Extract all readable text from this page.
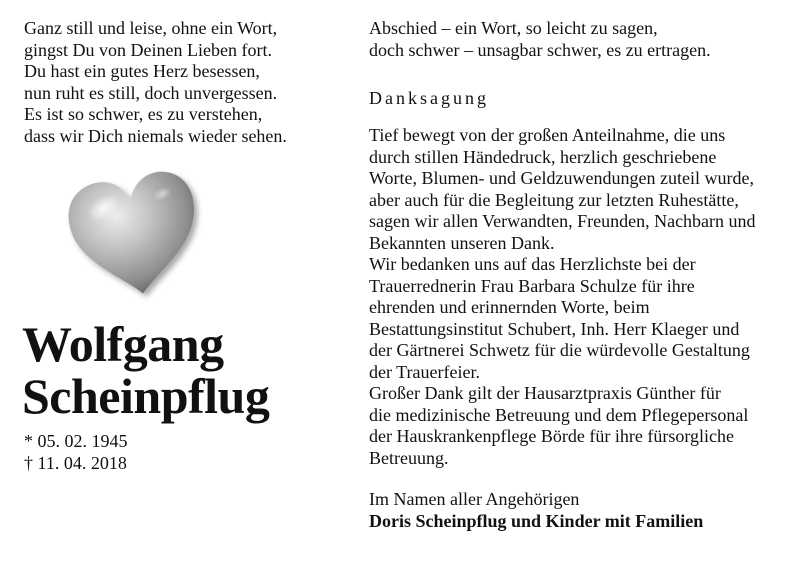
Ganz still und leise, ohne ein Wort,
gingst Du von Deinen Lieben fort.
Du hast ein gutes Herz besessen,
nun ruht es still, doch unvergessen.
Es ist so schwer, es zu verstehen,
dass wir Dich niemals wieder sehen.
Wolfgang
Scheinpflug
* 05. 02. 1945
† 11. 04. 2018
Abschied – ein Wort, so leicht zu sagen,
doch schwer – unsagbar schwer, es zu ertragen.
Danksagung
Tief bewegt von der großen Anteilnahme, die uns
durch stillen Händedruck, herzlich geschriebene
Worte, Blumen- und Geldzuwendungen zuteil wurde,
aber auch für die Begleitung zur letzten Ruhestätte,
sagen wir allen Verwandten, Freunden, Nachbarn und
Bekannten unseren Dank.
Wir bedanken uns auf das Herzlichste bei der
Trauerrednerin Frau Barbara Schulze für ihre
ehrenden und erinnernden Worte, beim
Bestattungsinstitut Schubert, Inh. Herr Klaeger und
der Gärtnerei Schwetz für die würdevolle Gestaltung
der Trauerfeier.
Großer Dank gilt der Hausarztpraxis Günther für
die medizinische Betreuung und dem Pflegepersonal
der Hauskrankenpflege Börde für ihre fürsorgliche
Betreuung.
Im Namen aller Angehörigen
Doris Scheinpflug und Kinder mit Familien
